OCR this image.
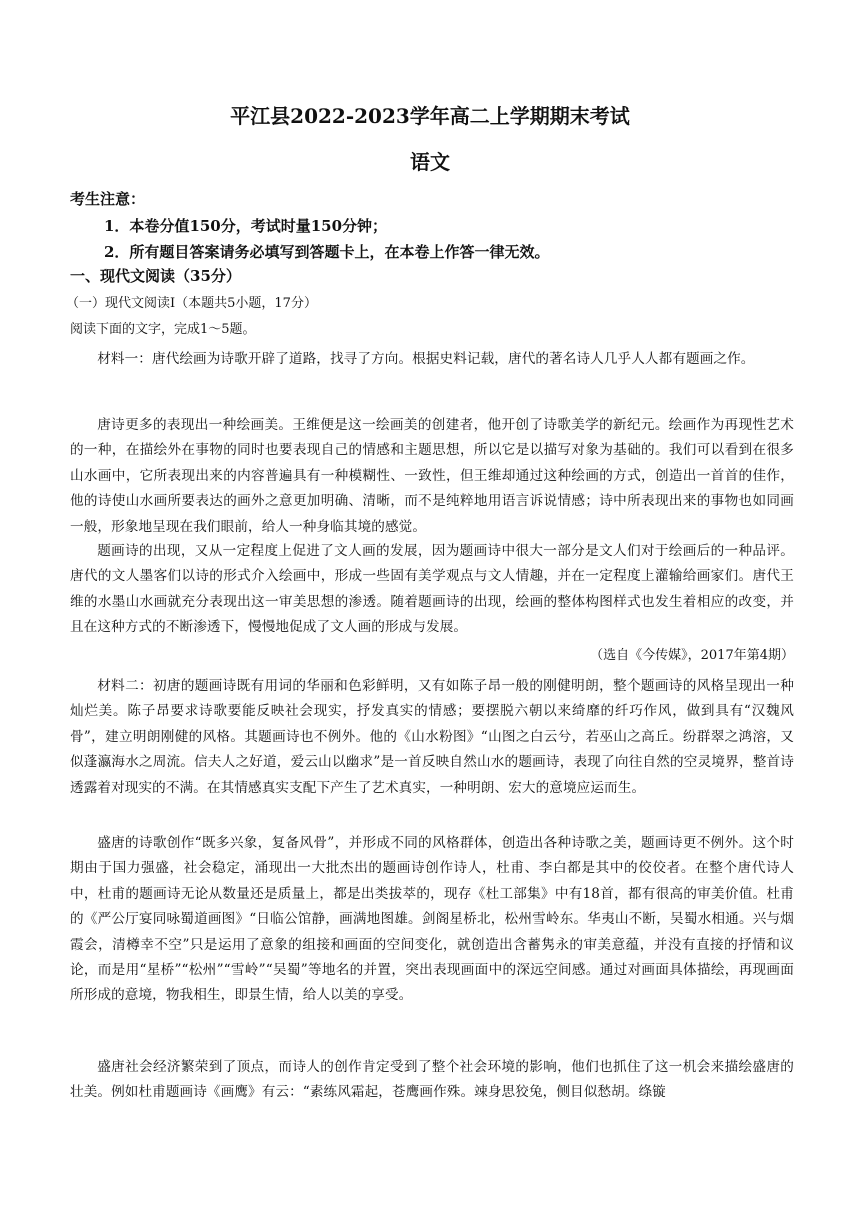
平江县2022-2023学年高二上学期期末考试
语文
考生注意：
1．本卷分值150分，考试时量150分钟；
2．所有题目答案请务必填写到答题卡上，在本卷上作答一律无效。
一、现代文阅读（35分）
（一）现代文阅读Ⅰ（本题共5小题，17分）
阅读下面的文字，完成1～5题。

材料一：唐代绘画为诗歌开辟了道路，找寻了方向。根据史料记载，唐代的著名诗人几乎人人都有题画之作。

唐诗更多的表现出一种绘画美。王维便是这一绘画美的创建者，他开创了诗歌美学的新纪元。绘画作为再现性艺术的一种，在描绘外在事物的同时也要表现自己的情感和主题思想，所以它是以描写对象为基础的。我们可以看到在很多山水画中，它所表现出来的内容普遍具有一种模糊性、一致性，但王维却通过这种绘画的方式，创造出一首首的佳作，他的诗使山水画所要表达的画外之意更加明确、清晰，而不是纯粹地用语言诉说情感；诗中所表现出来的事物也如同画一般，形象地呈现在我们眼前，给人一种身临其境的感觉。

题画诗的出现，又从一定程度上促进了文人画的发展，因为题画诗中很大一部分是文人们对于绘画后的一种品评。唐代的文人墨客们以诗的形式介入绘画中，形成一些固有美学观点与文人情趣，并在一定程度上灌输给画家们。唐代王维的水墨山水画就充分表现出这一审美思想的渗透。随着题画诗的出现，绘画的整体构图样式也发生着相应的改变，并且在这种方式的不断渗透下，慢慢地促成了文人画的形成与发展。

（选自《今传媒》，2017年第4期）

材料二：初唐的题画诗既有用词的华丽和色彩鲜明，又有如陈子昂一般的刚健明朗，整个题画诗的风格呈现出一种灿烂美。陈子昂要求诗歌要能反映社会现实，抒发真实的情感；要摆脱六朝以来绮靡的纤巧作风，做到具有“汉魏风骨”，建立明朗刚健的风格。其题画诗也不例外。他的《山水粉图》“山图之白云兮，若巫山之高丘。纷群翠之鸿溶，又似蓬瀛海水之周流。信夫人之好道，爱云山以幽求”是一首反映自然山水的题画诗，表现了向往自然的空灵境界，整首诗透露着对现实的不满。在其情感真实支配下产生了艺术真实，一种明朗、宏大的意境应运而生。

盛唐的诗歌创作“既多兴象，复备风骨”，并形成不同的风格群体，创造出各种诗歌之美，题画诗更不例外。这个时期由于国力强盛，社会稳定，涌现出一大批杰出的题画诗创作诗人，杜甫、李白都是其中的佼佼者。在整个唐代诗人中，杜甫的题画诗无论从数量还是质量上，都是出类拔萃的，现存《杜工部集》中有18首，都有很高的审美价值。杜甫的《严公厅宴同咏蜀道画图》“日临公馆静，画满地图雄。剑阁星桥北，松州雪岭东。华夷山不断，吴蜀水相通。兴与烟霞会，清樽幸不空”只是运用了意象的组接和画面的空间变化，就创造出含蓄隽永的审美意蕴，并没有直接的抒情和议论，而是用“星桥”“松州”“雪岭”“吴蜀”等地名的并置，突出表现画面中的深远空间感。通过对画面具体描绘，再现画面所形成的意境，物我相生，即景生情，给人以美的享受。

盛唐社会经济繁荣到了顶点，而诗人的创作肯定受到了整个社会环境的影响，他们也抓住了这一机会来描绘盛唐的壮美。例如杜甫题画诗《画鹰》有云：“素练风霜起，苍鹰画作殊。竦身思狡兔，侧目似愁胡。绦镟
